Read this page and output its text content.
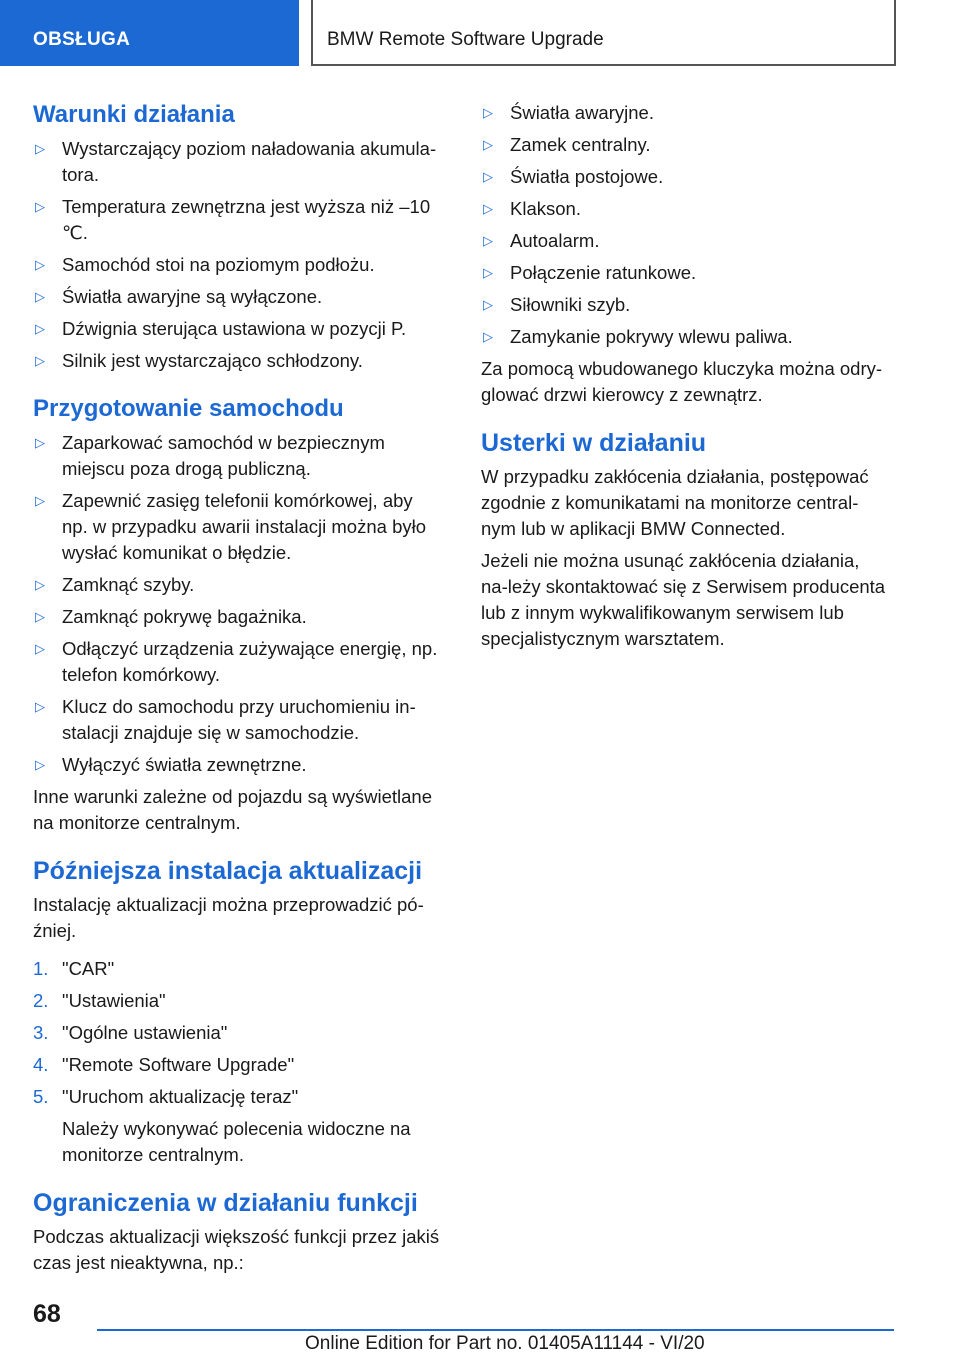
OBSŁUGA	BMW Remote Software Upgrade
Warunki działania
▷ Wystarczający poziom naładowania akumula-tora.
▷ Temperatura zewnętrzna jest wyższa niż –10 ℃.
▷ Samochód stoi na poziomym podłożu.
▷ Światła awaryjne są wyłączone.
▷ Dźwignia sterująca ustawiona w pozycji P.
▷ Silnik jest wystarczająco schłodzony.
Przygotowanie samochodu
▷ Zaparkować samochód w bezpiecznym miejscu poza drogą publiczną.
▷ Zapewnić zasięg telefonii komórkowej, aby np. w przypadku awarii instalacji można było wysłać komunikat o błędzie.
▷ Zamknąć szyby.
▷ Zamknąć pokrywę bagażnika.
▷ Odłączyć urządzenia zużywające energię, np. telefon komórkowy.
▷ Klucz do samochodu przy uruchomieniu in-stalacji znajduje się w samochodzie.
▷ Wyłączyć światła zewnętrzne.

Inne warunki zależne od pojazdu są wyświetlane na monitorze centralnym.

Późniejsza instalacja aktualizacji

Instalację aktualizacji można przeprowadzić pó-źniej.

1. "CAR"
2. "Ustawienia"
3. "Ogólne ustawienia"
4. "Remote Software Upgrade"
5. "Uruchom aktualizację teraz"

Należy wykonywać polecenia widoczne na monitorze centralnym.

Ograniczenia w działaniu funkcji

Podczas aktualizacji większość funkcji przez jakiś czas jest nieaktywna, np.:

▷ Światła awaryjne.
▷ Zamek centralny.
▷ Światła postojowe.
▷ Klakson.
▷ Autoalarm.
▷ Połączenie ratunkowe.
▷ Siłowniki szyb.
▷ Zamykanie pokrywy wlewu paliwa.

Za pomocą wbudowanego kluczyka można odry-glować drzwi kierowcy z zewnątrz.

Usterki w działaniu

W przypadku zakłócenia działania, postępować zgodnie z komunikatami na monitorze central-nym lub w aplikacji BMW Connected.

Jeżeli nie można usunąć zakłócenia działania, na-leży skontaktować się z Serwisem producenta lub z innym wykwalifikowanym serwisem lub specjalistycznym warsztatem.

68
Online Edition for Part no. 01405A11144 - VI/20
